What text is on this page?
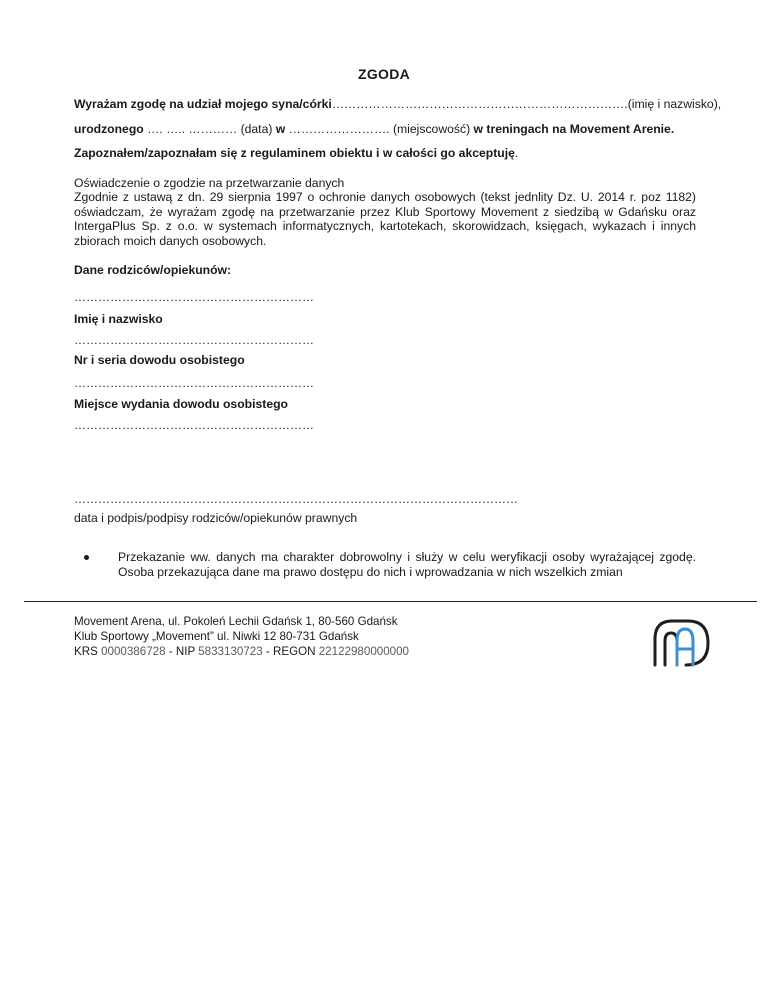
ZGODA
Wyrażam zgodę na udział mojego syna/córki……………………………………………………………….(imię i nazwisko),
urodzonego …. ….. ………… (data) w ……………………. (miejscowość) w treningach na Movement Arenie.
Zapoznałem/zapoznałam się z regulaminem obiektu i w całości go akceptuję.
Oświadczenie o zgodzie na przetwarzanie danych
Zgodnie z ustawą z dn. 29 sierpnia 1997 o ochronie danych osobowych (tekst jednlity Dz. U. 2014 r. poz 1182) oświadczam, że wyrażam zgodę na przetwarzanie przez Klub Sportowy Movement z siedzibą w Gdańsku oraz IntergaPlus Sp. z o.o. w systemach informatycznych, kartotekach, skorowidzach, księgach, wykazach i innych zbiorach moich danych osobowych.
Dane rodziców/opiekunów:
……………………………………………………
Imię i nazwisko
……………………………………………………
Nr i seria dowodu osobistego
……………………………………………………
Miejsce wydania dowodu osobistego
……………………………………………………
…………………………………………………………………………………………………
data i podpis/podpisy rodziców/opiekunów prawnych
Przekazanie ww. danych ma charakter dobrowolny i służy w celu weryfikacji osoby wyrażającej zgodę. Osoba przekazująca dane ma prawo dostępu do nich i wprowadzania w nich wszelkich zmian
Movement Arena, ul. Pokoleń Lechii Gdańsk 1, 80-560 Gdańsk
Klub Sportowy „Movement” ul. Niwki 12 80-731 Gdańsk
KRS 0000386728 - NIP 5833130723 - REGON 22122980000000
